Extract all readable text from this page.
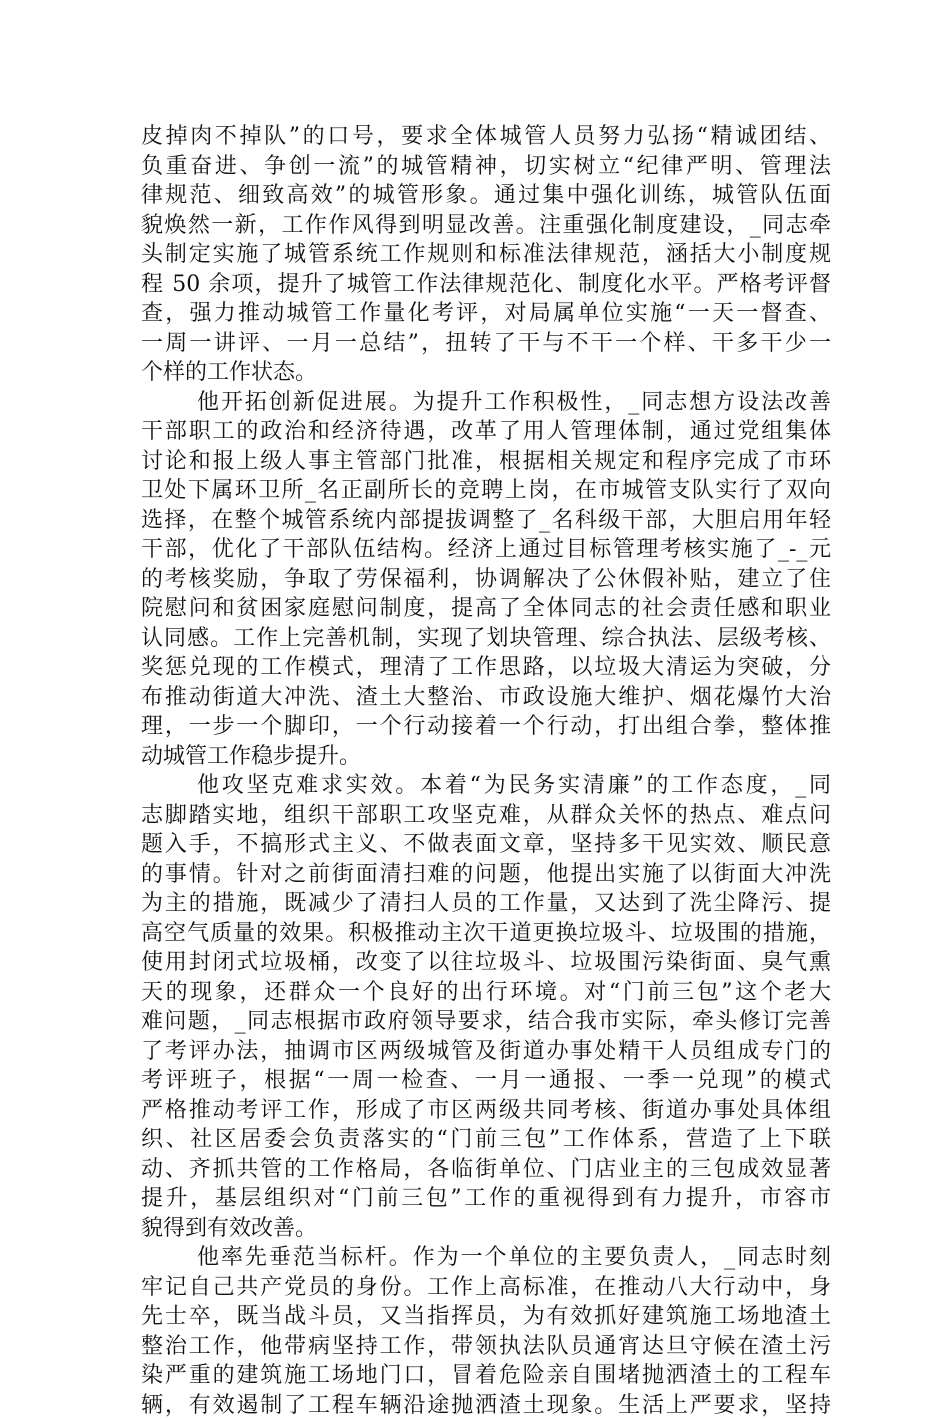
皮掉肉不掉队”的口号，要求全体城管人员努力弘扬“精诚团结、
负重奋进、争创一流”的城管精神，切实树立“纪律严明、管理法
律规范、细致高效”的城管形象。通过集中强化训练，城管队伍面
貌焕然一新，工作作风得到明显改善。注重强化制度建设，_同志牵
头制定实施了城管系统工作规则和标准法律规范，涵括大小制度规
程 50 余项，提升了城管工作法律规范化、制度化水平。严格考评督
查，强力推动城管工作量化考评，对局属单位实施“一天一督查、
一周一讲评、一月一总结”，扭转了干与不干一个样、干多干少一
个样的工作状态。
他开拓创新促进展。为提升工作积极性，_同志想方设法改善
干部职工的政治和经济待遇，改革了用人管理体制，通过党组集体
讨论和报上级人事主管部门批准，根据相关规定和程序完成了市环
卫处下属环卫所_名正副所长的竞聘上岗，在市城管支队实行了双向
选择，在整个城管系统内部提拔调整了_名科级干部，大胆启用年轻
干部，优化了干部队伍结构。经济上通过目标管理考核实施了_-_元
的考核奖励，争取了劳保福利，协调解决了公休假补贴，建立了住
院慰问和贫困家庭慰问制度，提高了全体同志的社会责任感和职业
认同感。工作上完善机制，实现了划块管理、综合执法、层级考核、
奖惩兑现的工作模式，理清了工作思路，以垃圾大清运为突破，分
布推动街道大冲洗、渣土大整治、市政设施大维护、烟花爆竹大治
理，一步一个脚印，一个行动接着一个行动，打出组合拳，整体推
动城管工作稳步提升。
他攻坚克难求实效。本着“为民务实清廉”的工作态度，_同
志脚踏实地，组织干部职工攻坚克难，从群众关怀的热点、难点问
题入手，不搞形式主义、不做表面文章，坚持多干见实效、顺民意
的事情。针对之前街面清扫难的问题，他提出实施了以街面大冲洗
为主的措施，既减少了清扫人员的工作量，又达到了洗尘降污、提
高空气质量的效果。积极推动主次干道更换垃圾斗、垃圾围的措施，
使用封闭式垃圾桶，改变了以往垃圾斗、垃圾围污染街面、臭气熏
天的现象，还群众一个良好的出行环境。对“门前三包”这个老大
难问题，_同志根据市政府领导要求，结合我市实际，牵头修订完善
了考评办法，抽调市区两级城管及街道办事处精干人员组成专门的
考评班子，根据“一周一检查、一月一通报、一季一兑现”的模式
严格推动考评工作，形成了市区两级共同考核、街道办事处具体组
织、社区居委会负责落实的“门前三包”工作体系，营造了上下联
动、齐抓共管的工作格局，各临街单位、门店业主的三包成效显著
提升，基层组织对“门前三包”工作的重视得到有力提升，市容市
貌得到有效改善。
他率先垂范当标杆。作为一个单位的主要负责人，_同志时刻
牢记自己共产党员的身份。工作上高标准，在推动八大行动中，身
先士卒，既当战斗员，又当指挥员，为有效抓好建筑施工场地渣土
整治工作，他带病坚持工作，带领执法队员通宵达旦守候在渣土污
染严重的建筑施工场地门口，冒着危险亲自围堵抛洒渣土的工程车
辆，有效遏制了工程车辆沿途抛洒渣土现象。生活上严要求，坚持
